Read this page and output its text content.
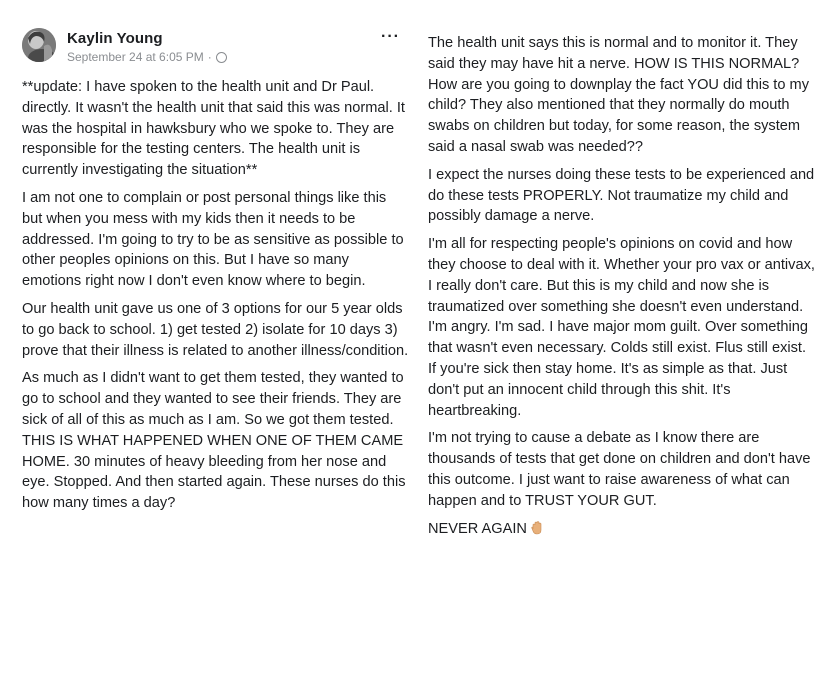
Kaylin Young
September 24 at 6:05 PM ·
···

**update: I have spoken to the health unit and Dr Paul. directly. It wasn't the health unit that said this was normal. It was the hospital in hawksbury who we spoke to. They are responsible for the testing centers. The health unit is currently investigating the situation**

I am not one to complain or post personal things like this but when you mess with my kids then it needs to be addressed. I'm going to try to be as sensitive as possible to other peoples opinions on this. But I have so many emotions right now I don't even know where to begin.

Our health unit gave us one of 3 options for our 5 year olds to go back to school. 1) get tested 2) isolate for 10 days 3) prove that their illness is related to another illness/condition.

As much as I didn't want to get them tested, they wanted to go to school and they wanted to see their friends. They are sick of all of this as much as I am. So we got them tested. THIS IS WHAT HAPPENED WHEN ONE OF THEM CAME HOME. 30 minutes of heavy bleeding from her nose and eye. Stopped. And then started again. These nurses do this how many times a day?

The health unit says this is normal and to monitor it. They said they may have hit a nerve. HOW IS THIS NORMAL? How are you going to downplay the fact YOU did this to my child? They also mentioned that they normally do mouth swabs on children but today, for some reason, the system said a nasal swab was needed??

I expect the nurses doing these tests to be experienced and do these tests PROPERLY. Not traumatize my child and possibly damage a nerve.

I'm all for respecting people's opinions on covid and how they choose to deal with it. Whether your pro vax or antivax, I really don't care. But this is my child and now she is traumatized over something she doesn't even understand. I'm angry. I'm sad. I have major mom guilt. Over something that wasn't even necessary. Colds still exist. Flus still exist. If you're sick then stay home. It's as simple as that. Just don't put an innocent child through this shit. It's heartbreaking.

I'm not trying to cause a debate as I know there are thousands of tests that get done on children and don't have this outcome. I just want to raise awareness of what can happen and to TRUST YOUR GUT.

NEVER AGAIN
